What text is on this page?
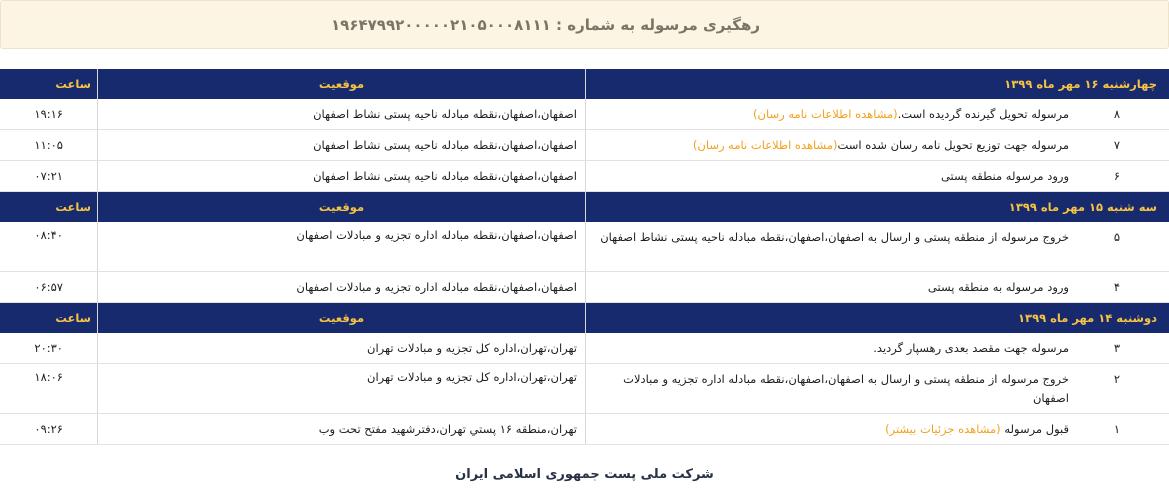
رهگیری مرسوله به شماره : ۱۹۶۴۷۹۹۲۰۰۰۰۰۲۱۰۵۰۰۰۸۱۱۱
چهارشنبه ۱۶ مهر ماه ۱۳۹۹
موقعیت
ساعت
۸
مرسوله تحویل گیرنده گردیده است.(مشاهده اطلاعات نامه رسان)
اصفهان،اصفهان،نقطه مبادله ناحیه پستی نشاط اصفهان
۱۹:۱۶
۷
مرسوله جهت توزیع تحویل نامه رسان شده است(مشاهده اطلاعات نامه رسان)
اصفهان،اصفهان،نقطه مبادله ناحیه پستی نشاط اصفهان
۱۱:۰۵
۶
ورود مرسوله منطقه پستی
اصفهان،اصفهان،نقطه مبادله ناحیه پستی نشاط اصفهان
۰۷:۲۱
سه شنبه ۱۵ مهر ماه ۱۳۹۹
موقعیت
ساعت
۵
خروج مرسوله از منطقه پستی و ارسال به اصفهان،اصفهان،نقطه مبادله ناحیه پستی نشاط اصفهان
اصفهان،اصفهان،نقطه مبادله اداره تجزیه و مبادلات اصفهان
۰۸:۴۰
۴
ورود مرسوله به منطقه پستی
اصفهان،اصفهان،نقطه مبادله اداره تجزیه و مبادلات اصفهان
۰۶:۵۷
دوشنبه ۱۴ مهر ماه ۱۳۹۹
موقعیت
ساعت
۳
مرسوله جهت مقصد بعدی رهسپار گردید.
تهران،تهران،اداره کل تجزیه و مبادلات تهران
۲۰:۳۰
۲
خروج مرسوله از منطقه پستی و ارسال به اصفهان،اصفهان،نقطه مبادله اداره تجزیه و مبادلات اصفهان
تهران،تهران،اداره کل تجزیه و مبادلات تهران
۱۸:۰۶
۱
قبول مرسوله (مشاهده جزئیات بیشتر)
تهران،منطقه ۱۶ پستي تهران،دفترشهيد مفتح تحت وب
۰۹:۲۶
شرکت ملی پست جمهوری اسلامی ایران
